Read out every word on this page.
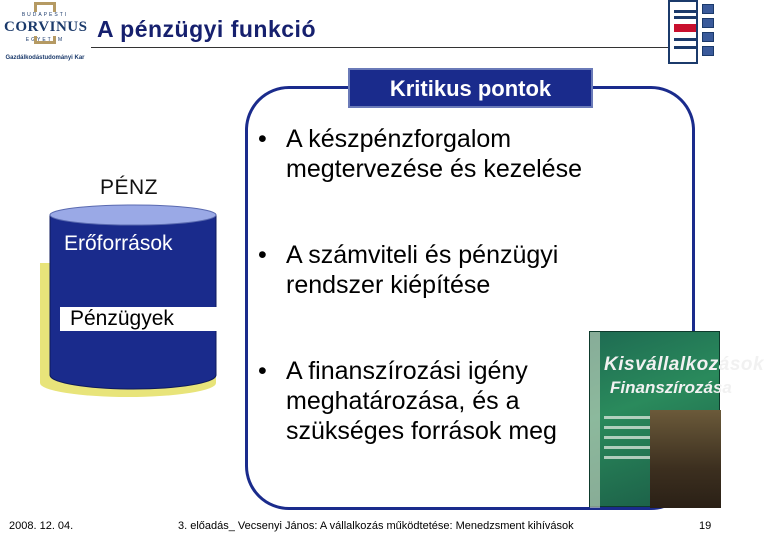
BUDAPESTI
CORVINUS
EGYETEM
Gazdálkodástudományi Kar
A pénzügyi funkció
Kritikus pontok
• A készpénzforgalom
megtervezése és kezelése
• A számviteli és pénzügyi
rendszer kiépítése
• A finanszírozási igény
meghatározása, és a
szükséges források meg
PÉNZ
Erőforrások
Pénzügyek
Kisvállalkozások
Finanszírozása
2008. 12. 04.	3. előadás_ Vecsenyi János: A vállalkozás működtetése: Menedzsment kihívások	19
